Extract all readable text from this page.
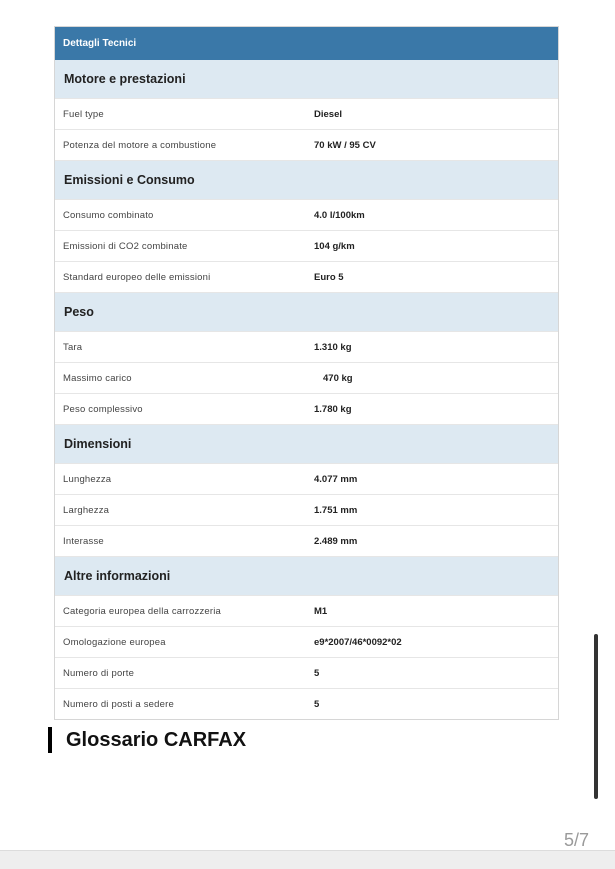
Dettagli Tecnici
Motore e prestazioni
Fuel type	Diesel
Potenza del motore a combustione	70 kW / 95 CV
Emissioni e Consumo
Consumo combinato	4.0 l/100km
Emissioni di CO2 combinate	104 g/km
Standard europeo delle emissioni	Euro 5
Peso
Tara	1.310 kg
Massimo carico	470 kg
Peso complessivo	1.780 kg
Dimensioni
Lunghezza	4.077 mm
Larghezza	1.751 mm
Interasse	2.489 mm
Altre informazioni
Categoria europea della carrozzeria	M1
Omologazione europea	e9*2007/46*0092*02
Numero di porte	5
Numero di posti a sedere	5
Glossario CARFAX
5/7
